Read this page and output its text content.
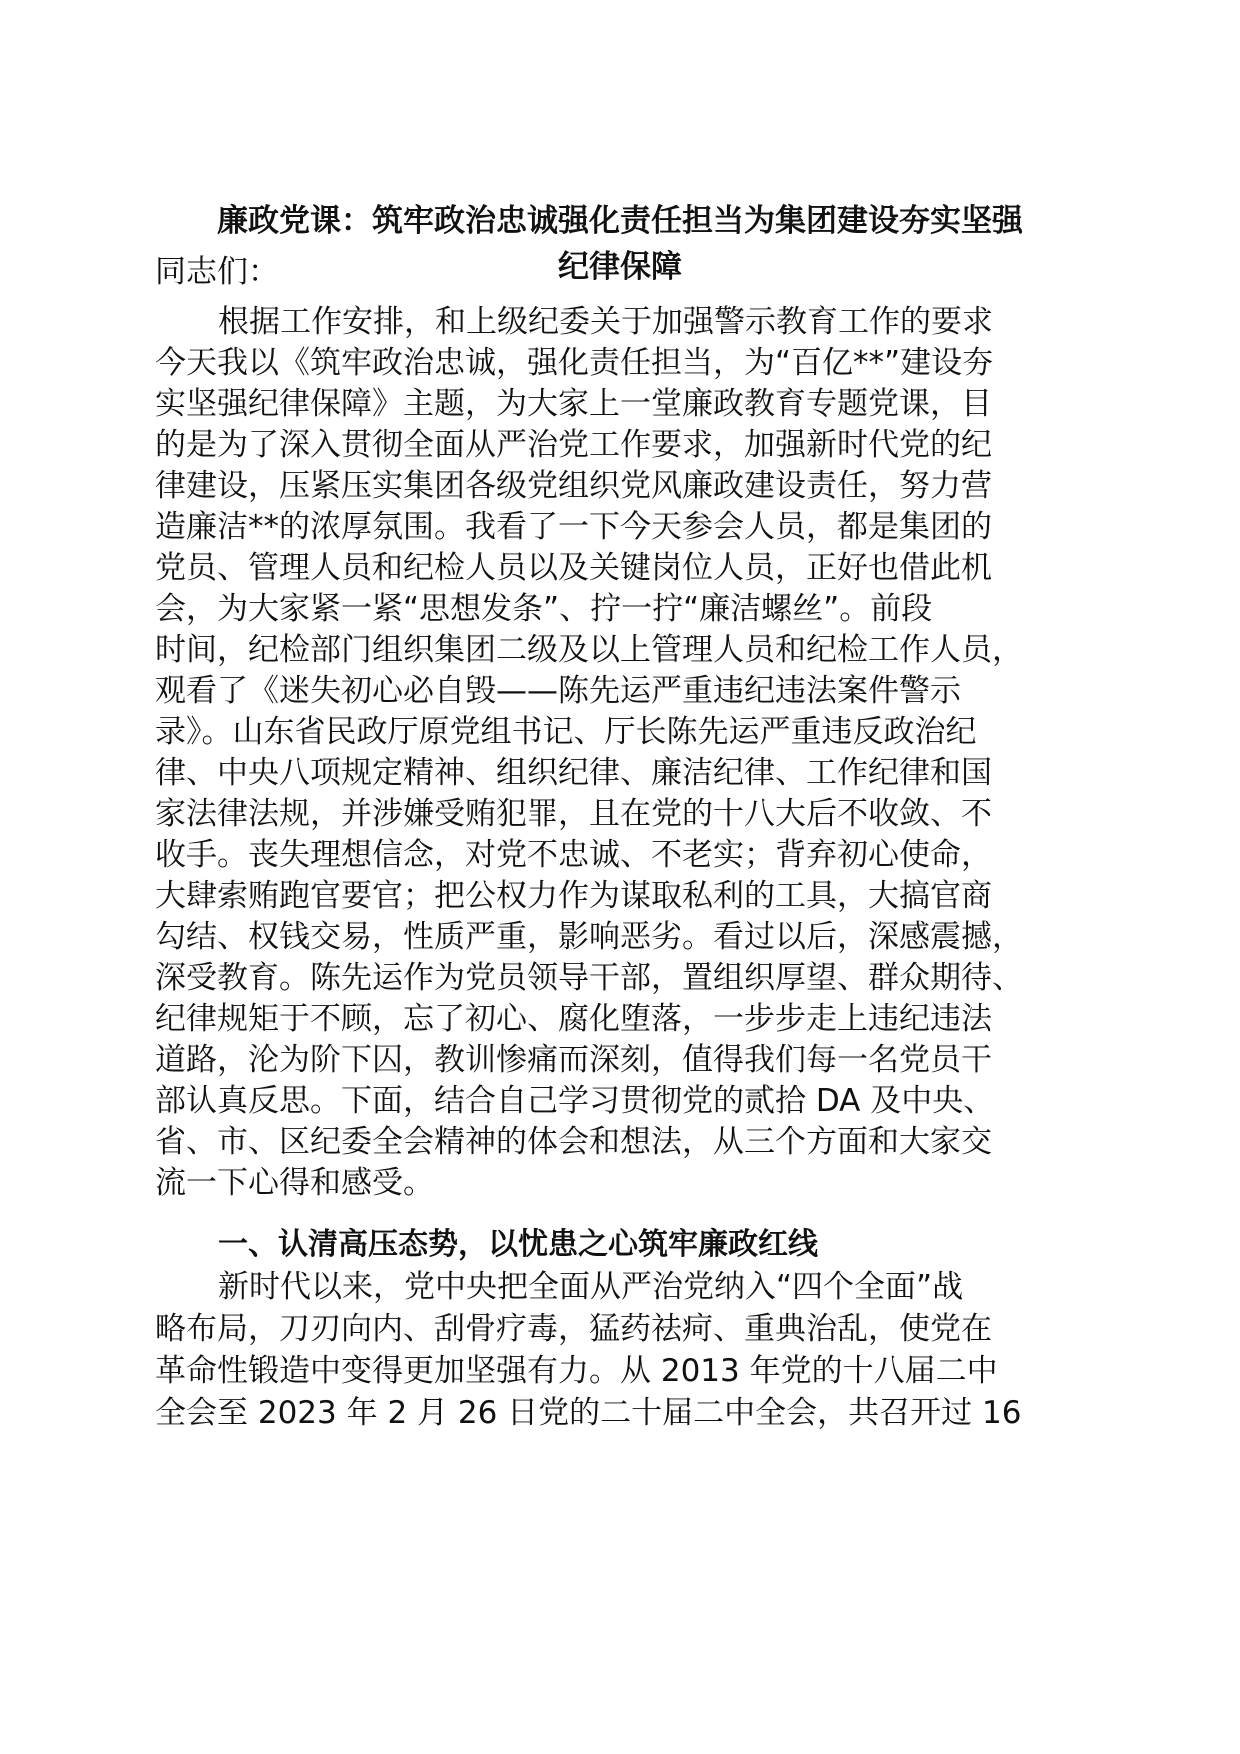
廉政党课：筑牢政治忠诚强化责任担当为集团建设夯实坚强
纪律保障

同志们：

根据工作安排，和上级纪委关于加强警示教育工作的要求

今天我以《筑牢政治忠诚，强化责任担当，为“百亿**”建设夯

实坚强纪律保障》主题，为大家上一堂廉政教育专题党课，目

的是为了深入贯彻全面从严治党工作要求，加强新时代党的纪

律建设，压紧压实集团各级党组织党风廉政建设责任，努力营

造廉洁**的浓厚氛围。我看了一下今天参会人员，都是集团的

党员、管理人员和纪检人员以及关键岗位人员，正好也借此机

会，为大家紧一紧“思想发条”、拧一拧“廉洁螺丝”。前段

时间，纪检部门组织集团二级及以上管理人员和纪检工作人员，

观看了《迷失初心必自毁——陈先运严重违纪违法案件警示

录》。山东省民政厅原党组书记、厅长陈先运严重违反政治纪

律、中央八项规定精神、组织纪律、廉洁纪律、工作纪律和国

家法律法规，并涉嫌受贿犯罪，且在党的十八大后不收敛、不

收手。丧失理想信念，对党不忠诚、不老实；背弃初心使命，

大肆索贿跑官要官；把公权力作为谋取私利的工具，大搞官商

勾结、权钱交易，性质严重，影响恶劣。看过以后，深感震撼，

深受教育。陈先运作为党员领导干部，置组织厚望、群众期待、

纪律规矩于不顾，忘了初心、腐化堕落，一步步走上违纪违法

道路，沦为阶下囚，教训惨痛而深刻，值得我们每一名党员干

部认真反思。下面，结合自己学习贯彻党的贰拾 DA 及中央、

省、市、区纪委全会精神的体会和想法，从三个方面和大家交

流一下心得和感受。

一、认清高压态势，以忧患之心筑牢廉政红线

新时代以来，党中央把全面从严治党纳入“四个全面”战

略布局，刀刃向内、刮骨疗毒，猛药祛疴、重典治乱，使党在

革命性锻造中变得更加坚强有力。从 2013 年党的十八届二中

全会至 2023 年 2 月 26 日党的二十届二中全会，共召开过 16
